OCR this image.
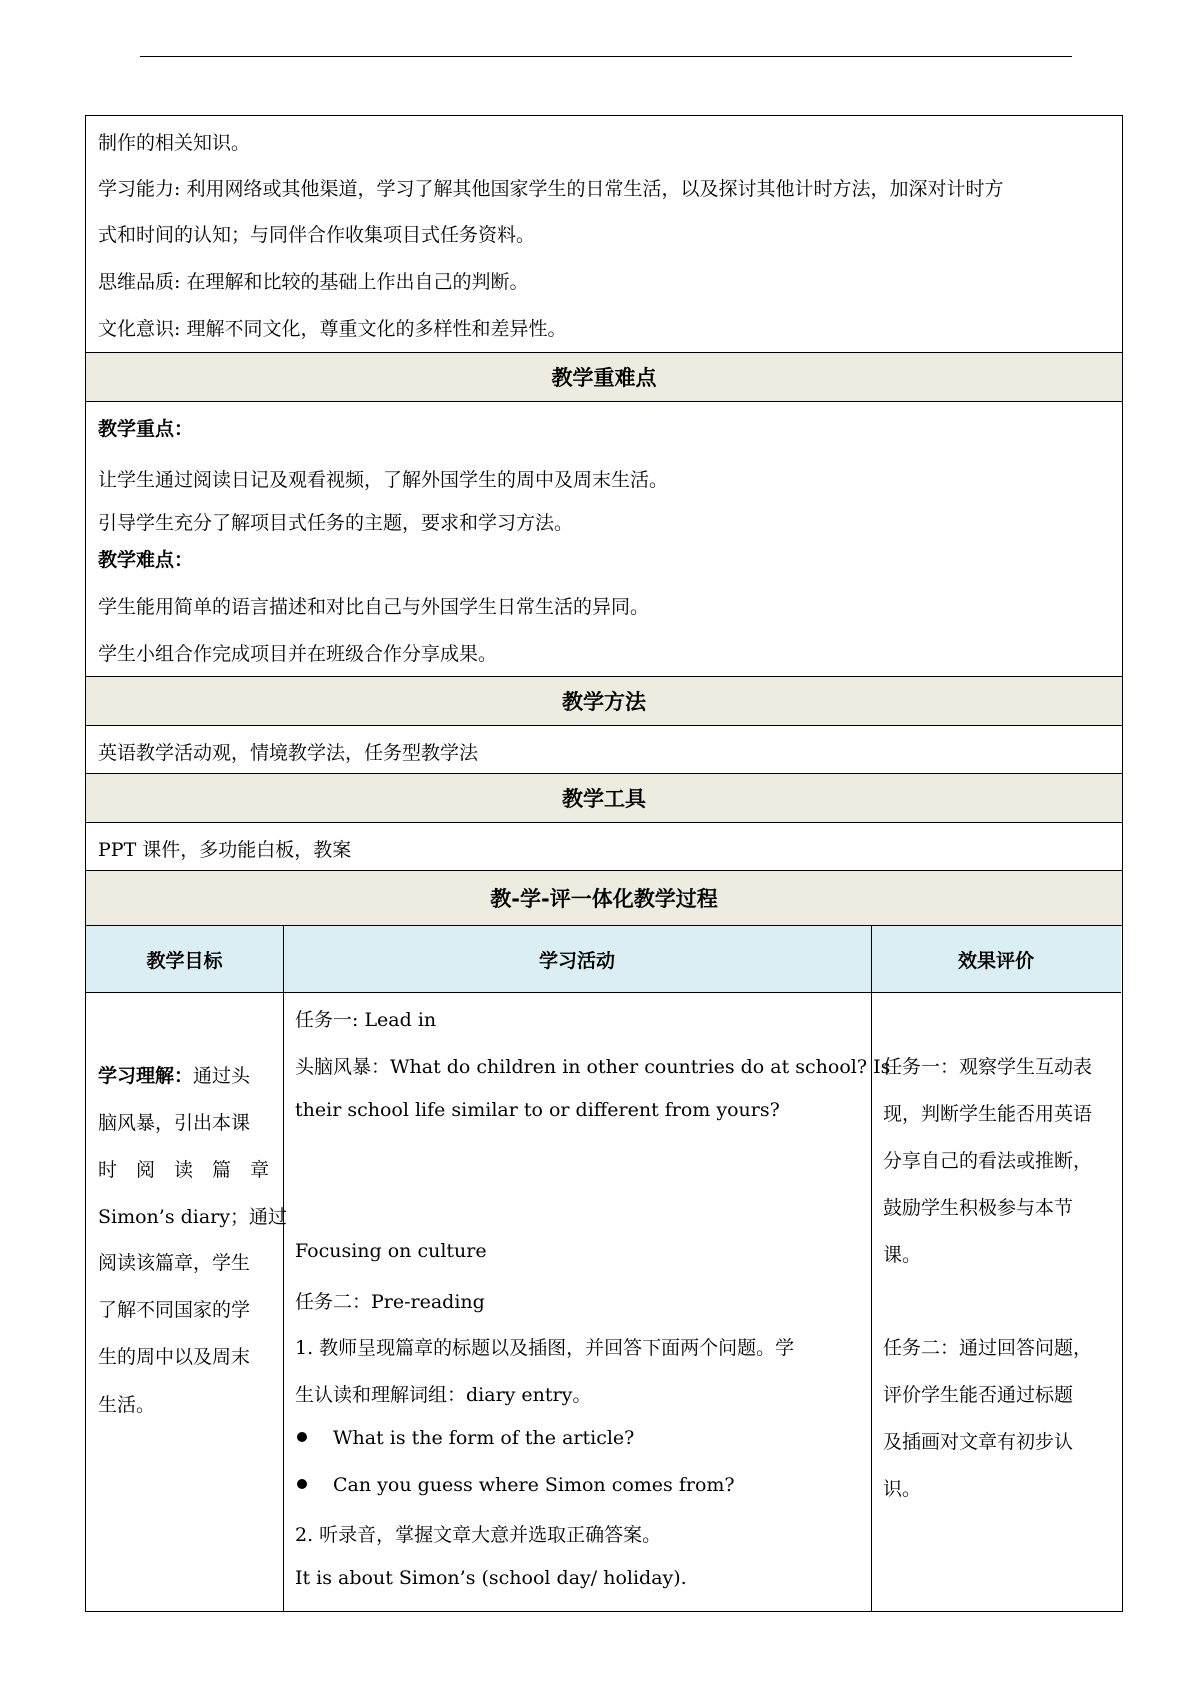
制作的相关知识。
学习能力: 利用网络或其他渠道，学习了解其他国家学生的日常生活，以及探讨其他计时方法，加深对计时方
式和时间的认知；与同伴合作收集项目式任务资料。
思维品质: 在理解和比较的基础上作出自己的判断。
文化意识: 理解不同文化，尊重文化的多样性和差异性。
教学重难点
教学重点：
让学生通过阅读日记及观看视频，了解外国学生的周中及周末生活。
引导学生充分了解项目式任务的主题，要求和学习方法。
教学难点：
学生能用简单的语言描述和对比自己与外国学生日常生活的异同。
学生小组合作完成项目并在班级合作分享成果。
教学方法
英语教学活动观，情境教学法，任务型教学法
教学工具
PPT 课件，多功能白板，教案
教-学-评一体化教学过程
教学目标	学习活动	效果评价
学习理解：通过头
脑风暴，引出本课
时　阅　读　篇　章
Simon’s diary；通过
阅读该篇章，学生
了解不同国家的学
生的周中以及周末
生活。
任务一: Lead in
头脑风暴：What do children in other countries do at school? Is
their school life similar to or different from yours?
Focusing on culture
任务二：Pre-reading
1. 教师呈现篇章的标题以及插图，并回答下面两个问题。学
生认读和理解词组：diary entry。
What is the form of the article?
Can you guess where Simon comes from?
2. 听录音，掌握文章大意并选取正确答案。
It is about Simon’s (school day/ holiday).
任务一：观察学生互动表
现，判断学生能否用英语
分享自己的看法或推断，
鼓励学生积极参与本节
课。
任务二：通过回答问题，
评价学生能否通过标题
及插画对文章有初步认
识。
